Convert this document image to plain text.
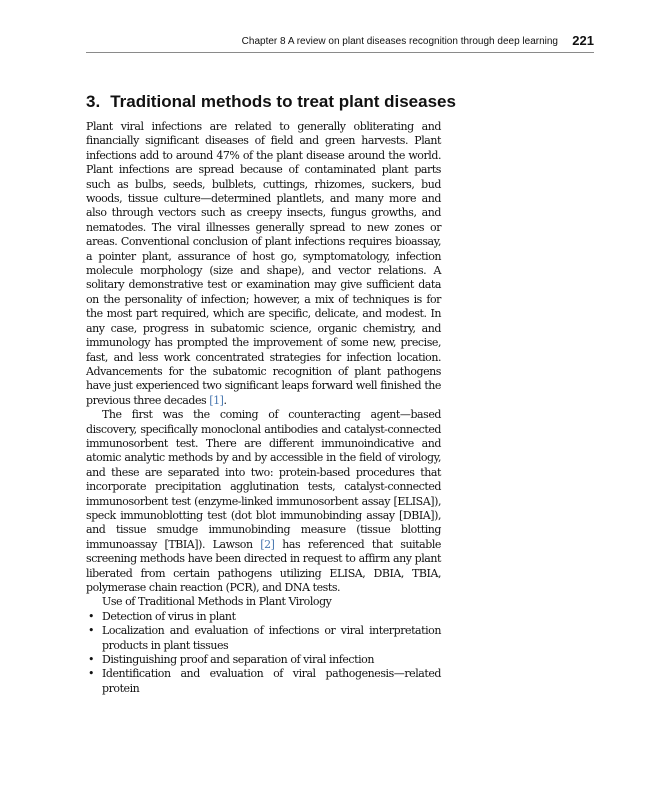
Chapter 8 A review on plant diseases recognition through deep learning 221
3. Traditional methods to treat plant diseases

Plant viral infections are related to generally obliterating and financially significant diseases of field and green harvests. Plant infections add to around 47% of the plant disease around the world. Plant infections are spread because of contaminated plant parts such as bulbs, seeds, bulblets, cuttings, rhizomes, suckers, bud woods, tissue culture—determined plantlets, and many more and also through vectors such as creepy insects, fungus growths, and nematodes. The viral illnesses generally spread to new zones or areas. Conventional conclusion of plant infections requires bioassay, a pointer plant, assurance of host go, symptomatology, infection molecule morphology (size and shape), and vector relations. A solitary demonstrative test or examination may give sufficient data on the personality of infection; however, a mix of techniques is for the most part required, which are specific, delicate, and modest. In any case, progress in subatomic science, organic chemistry, and immunology has prompted the improvement of some new, precise, fast, and less work concentrated strategies for infection location. Advancements for the subatomic recognition of plant pathogens have just experienced two significant leaps forward well finished the previous three decades [1].

The first was the coming of counteracting agent—based discovery, specifically monoclonal antibodies and catalyst-connected immunosorbent test. There are different immunoindicative and atomic analytic methods by and by accessible in the field of virology, and these are separated into two: protein-based procedures that incorporate precipitation agglutination tests, catalyst-connected immunosorbent test (enzyme-linked immunosorbent assay [ELISA]), speck immunoblotting test (dot blot immunobinding assay [DBIA]), and tissue smudge immunobinding measure (tissue blotting immunoassay [TBIA]). Lawson [2] has referenced that suitable screening methods have been directed in request to affirm any plant liberated from certain pathogens utilizing ELISA, DBIA, TBIA, polymerase chain reaction (PCR), and DNA tests.

Use of Traditional Methods in Plant Virology

• Detection of virus in plant
• Localization and evaluation of infections or viral interpretation products in plant tissues
• Distinguishing proof and separation of viral infection
• Identification and evaluation of viral pathogenesis—related protein
